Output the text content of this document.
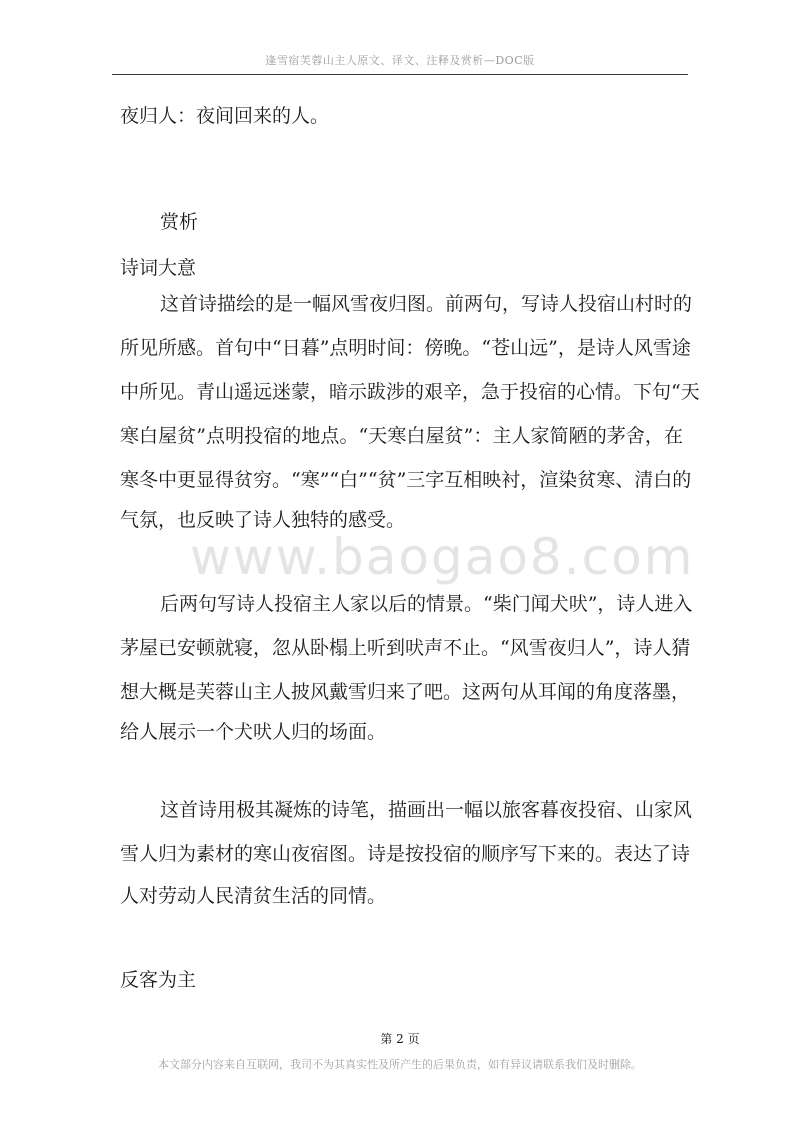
逢雪宿芙蓉山主人原文、译文、注释及赏析—DOC版
夜归人：夜间回来的人。
赏析
诗词大意
这首诗描绘的是一幅风雪夜归图。前两句，写诗人投宿山村时的
所见所感。首句中“日暮”点明时间：傍晚。“苍山远”，是诗人风雪途
中所见。青山遥远迷蒙，暗示跋涉的艰辛，急于投宿的心情。下句“天
寒白屋贫”点明投宿的地点。“天寒白屋贫”：主人家简陋的茅舍，在
寒冬中更显得贫穷。“寒”“白”“贫”三字互相映衬，渲染贫寒、清白的
气氛，也反映了诗人独特的感受。
www.baogao8.com
后两句写诗人投宿主人家以后的情景。“柴门闻犬吠”，诗人进入
茅屋已安顿就寝，忽从卧榻上听到吠声不止。“风雪夜归人”，诗人猜
想大概是芙蓉山主人披风戴雪归来了吧。这两句从耳闻的角度落墨，
给人展示一个犬吠人归的场面。
这首诗用极其凝炼的诗笔，描画出一幅以旅客暮夜投宿、山家风
雪人归为素材的寒山夜宿图。诗是按投宿的顺序写下来的。表达了诗
人对劳动人民清贫生活的同情。
反客为主
第 2 页
本文部分内容来自互联网，我司不为其真实性及所产生的后果负责，如有异议请联系我们及时删除。
